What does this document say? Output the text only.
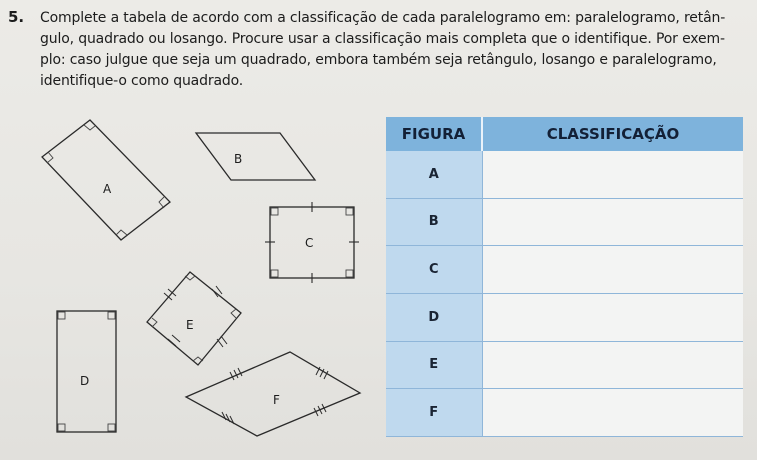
5. Complete a tabela de acordo com a classificação de cada paralelogramo em: paralelogramo, retân-
gulo, quadrado ou losango. Procure usar a classificação mais completa que o identifique. Por exem-
plo: caso julgue que seja um quadrado, embora também seja retângulo, losango e paralelogramo,
identifique-o como quadrado.
A
B
C
D
E
F
FIGURA	CLASSIFICAÇÃO
A	
B	
C	
D	
E	
F	
